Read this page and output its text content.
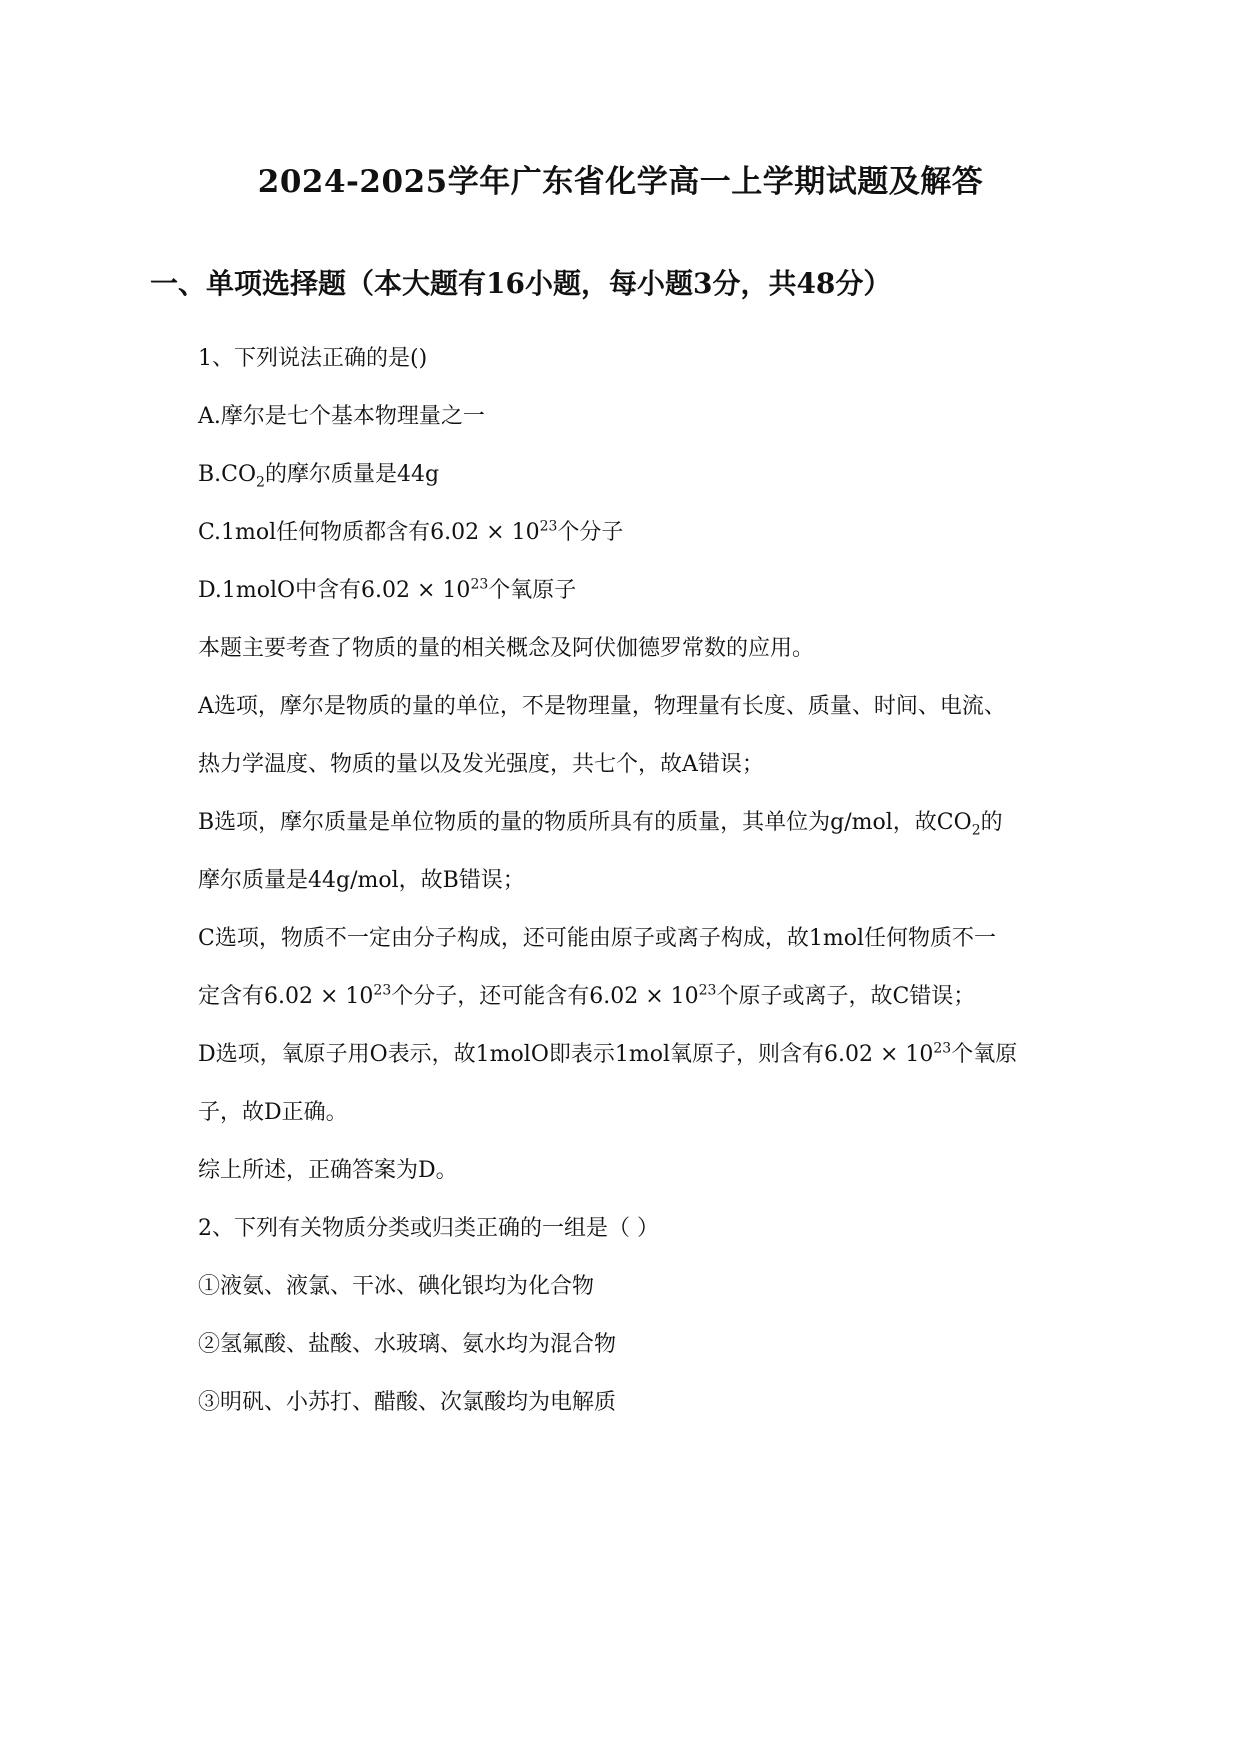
2024-2025学年广东省化学高一上学期试题及解答
一、单项选择题（本大题有16小题，每小题3分，共48分）
1、下列说法正确的是()
A.摩尔是七个基本物理量之一
$B.CO_2$的摩尔质量是44g
C.1mol任何物质都含有$6.02 \times 10^{23}$个分子
D.1molO中含有$6.02 \times 10^{23}$个氧原子
本题主要考查了物质的量的相关概念及阿伏伽德罗常数的应用。
A选项，摩尔是物质的量的单位，不是物理量，物理量有长度、质量、时间、电流、
热力学温度、物质的量以及发光强度，共七个，故A错误；
B选项，摩尔质量是单位物质的量的物质所具有的质量，其单位为g/mol，故$CO_2$的
摩尔质量是44g/mol，故B错误；
C选项，物质不一定由分子构成，还可能由原子或离子构成，故1mol任何物质不一
定含有$6.02 \times 10^{23}$个分子，还可能含有$6.02 \times 10^{23}$个原子或离子，故C错误；
D选项，氧原子用O表示，故1molO即表示1mol氧原子，则含有$6.02 \times 10^{23}$个氧原
子，故D正确。
综上所述，正确答案为D。
2、下列有关物质分类或归类正确的一组是（ ）
①液氨、液氯、干冰、碘化银均为化合物
②氢氟酸、盐酸、水玻璃、氨水均为混合物
③明矾、小苏打、醋酸、次氯酸均为电解质
